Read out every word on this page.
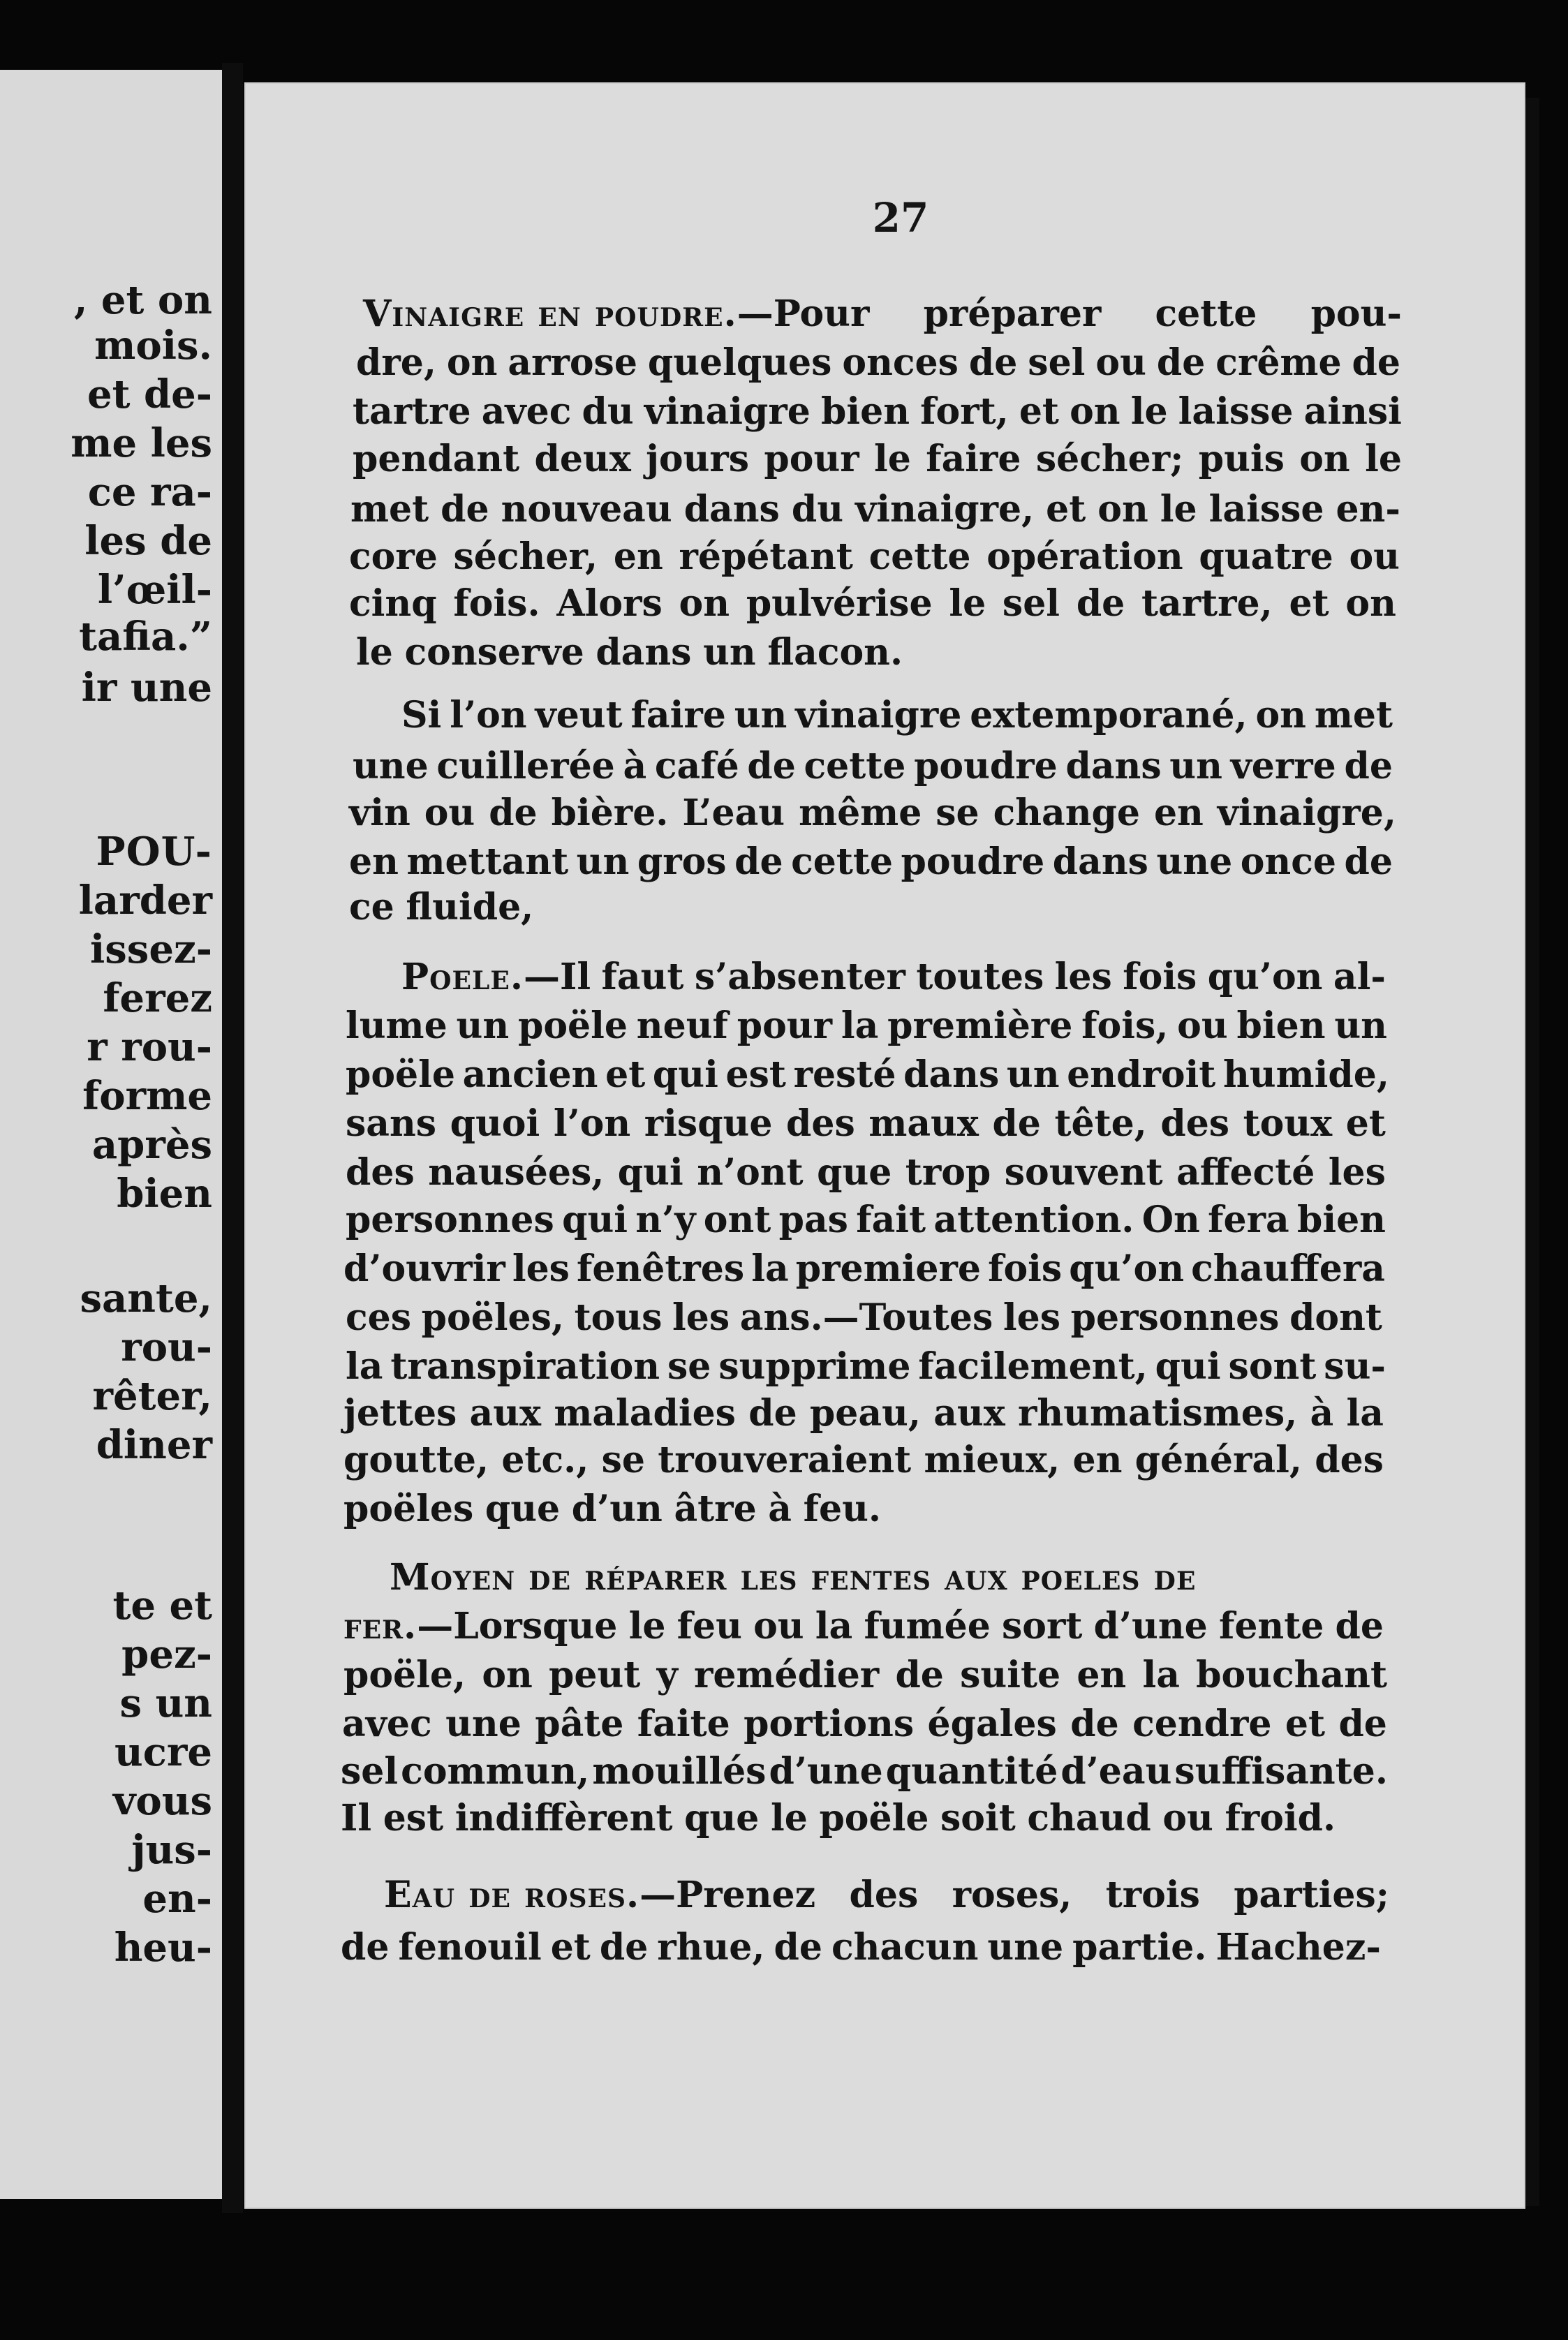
, et on
mois.
et de-
me les
ce ra-
les de
l’œil-
tafia.”
ir une
POU-
larder
issez-
ferez
r rou-
forme
après
bien
sante,
rou-
rêter,
diner
te et
pez-
s un
ucre
vous
jus-
en-
heu-
27
Vinaigre en poudre. —Pour préparer cette pou-
dre, on arrose quelques onces de sel ou de crême de
tartre avec du vinaigre bien fort, et on le laisse ainsi
pendant deux jours pour le faire sécher; puis on le
met de nouveau dans du vinaigre, et on le laisse en-
core sécher, en répétant cette opération quatre ou
cinq fois. Alors on pulvérise le sel de tartre, et on
le conserve dans un flacon.
Si l’on veut faire un vinaigre extemporané, on met
une cuillerée à café de cette poudre dans un verre de
vin ou de bière. L’eau même se change en vinaigre,
en mettant un gros de cette poudre dans une once de
ce fluide,
Poele. —Il faut s’absenter toutes les fois qu’on al-
lume un poële neuf pour la première fois, ou bien un
poële ancien et qui est resté dans un endroit humide,
sans quoi l’on risque des maux de tête, des toux et
des nausées, qui n’ont que trop souvent affecté les
personnes qui n’y ont pas fait attention. On fera bien
d’ouvrir les fenêtres la premiere fois qu’on chauffera
ces poëles, tous les ans.—Toutes les personnes dont
la transpiration se supprime facilement, qui sont su-
jettes aux maladies de peau, aux rhumatismes, à la
goutte, etc., se trouveraient mieux, en général, des
poëles que d’un âtre à feu.
Moyen de réparer les fentes aux poeles de
fer. —Lorsque le feu ou la fumée sort d’une fente de
poële, on peut y remédier de suite en la bouchant
avec une pâte faite portions égales de cendre et de
sel commun, mouillés d’une quantité d’eau suffisante.
Il est indiffèrent que le poële soit chaud ou froid.
Eau de roses. —Prenez des roses, trois parties;
de fenouil et de rhue, de chacun une partie. Hachez-
